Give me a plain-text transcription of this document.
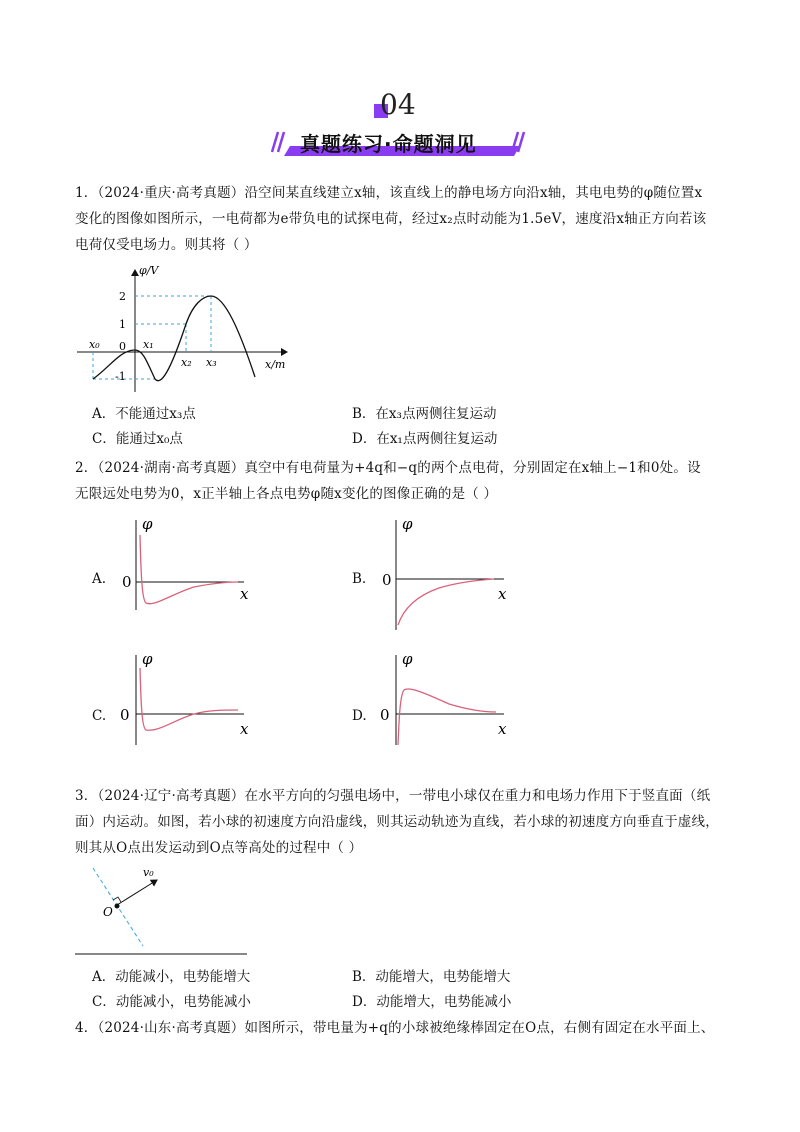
04
真题练习·命题洞见
1．（2024·重庆·高考真题）沿空间某直线建立x轴，该直线上的静电场方向沿x轴，其电电势的φ随位置x
变化的图像如图所示，一电荷都为e带负电的试探电荷，经过x₂点时动能为1.5eV，速度沿x轴正方向若该
电荷仅受电场力。则其将（ ）
φ/V
x/m
2
1
0
-1
x₀	x₁
x₂ x₃
A．不能通过x₃点	B．在x₃点两侧往复运动
C．能通过x₀点	D．在x₁点两侧往复运动
2．（2024·湖南·高考真题）真空中有电荷量为+4q和−q的两个点电荷，分别固定在x轴上−1和0处。设
无限远处电势为0，x正半轴上各点电势φ随x变化的图像正确的是（ ）
A.
φ
0
x
B.
φ
0
x
C.
φ
0
x
D.
φ
0
x
3．（2024·辽宁·高考真题）在水平方向的匀强电场中，一带电小球仅在重力和电场力作用下于竖直面（纸
面）内运动。如图，若小球的初速度方向沿虚线，则其运动轨迹为直线，若小球的初速度方向垂直于虚线，
则其从O点出发运动到O点等高处的过程中（ ）
v₀
O
A．动能减小，电势能增大	B．动能增大，电势能增大
C．动能减小，电势能减小	D．动能增大，电势能减小
4．（2024·山东·高考真题）如图所示，带电量为+q的小球被绝缘棒固定在O点，右侧有固定在水平面上、
